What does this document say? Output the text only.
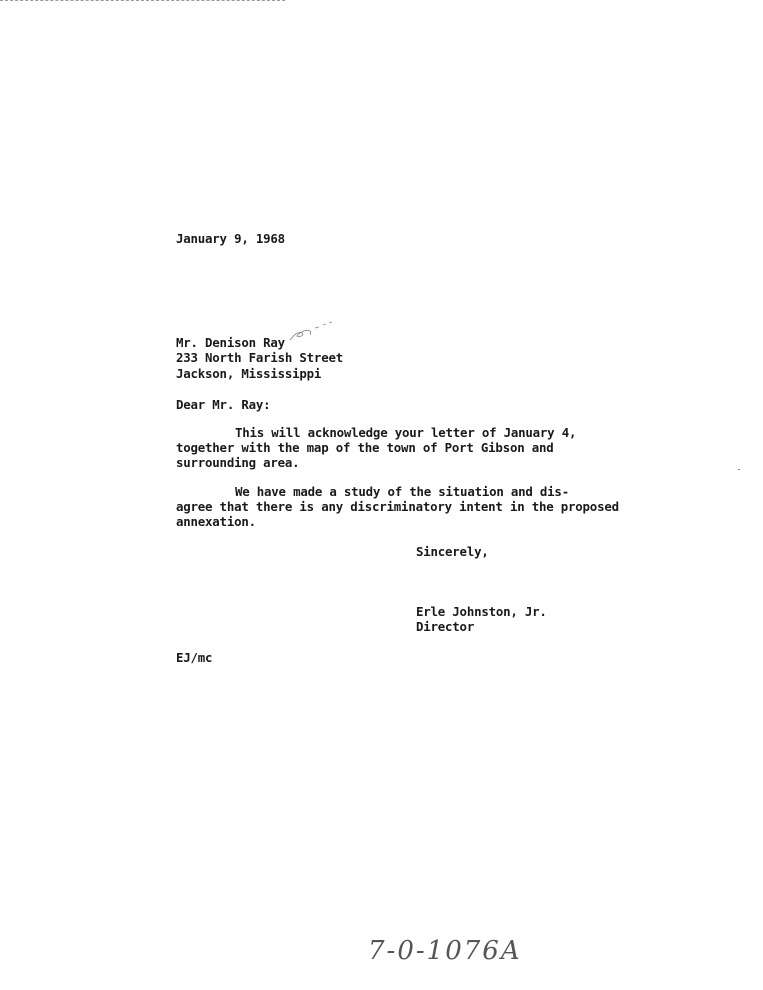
January 9, 1968
Mr. Denison Ray
233 North Farish Street
Jackson, Mississippi
Dear Mr. Ray:
This will acknowledge your letter of January 4,
together with the map of the town of Port Gibson and
surrounding area.
We have made a study of the situation and dis-
agree that there is any discriminatory intent in the proposed
annexation.
Sincerely,
Erle Johnston, Jr.
Director
EJ/mc
7-0-1076A
